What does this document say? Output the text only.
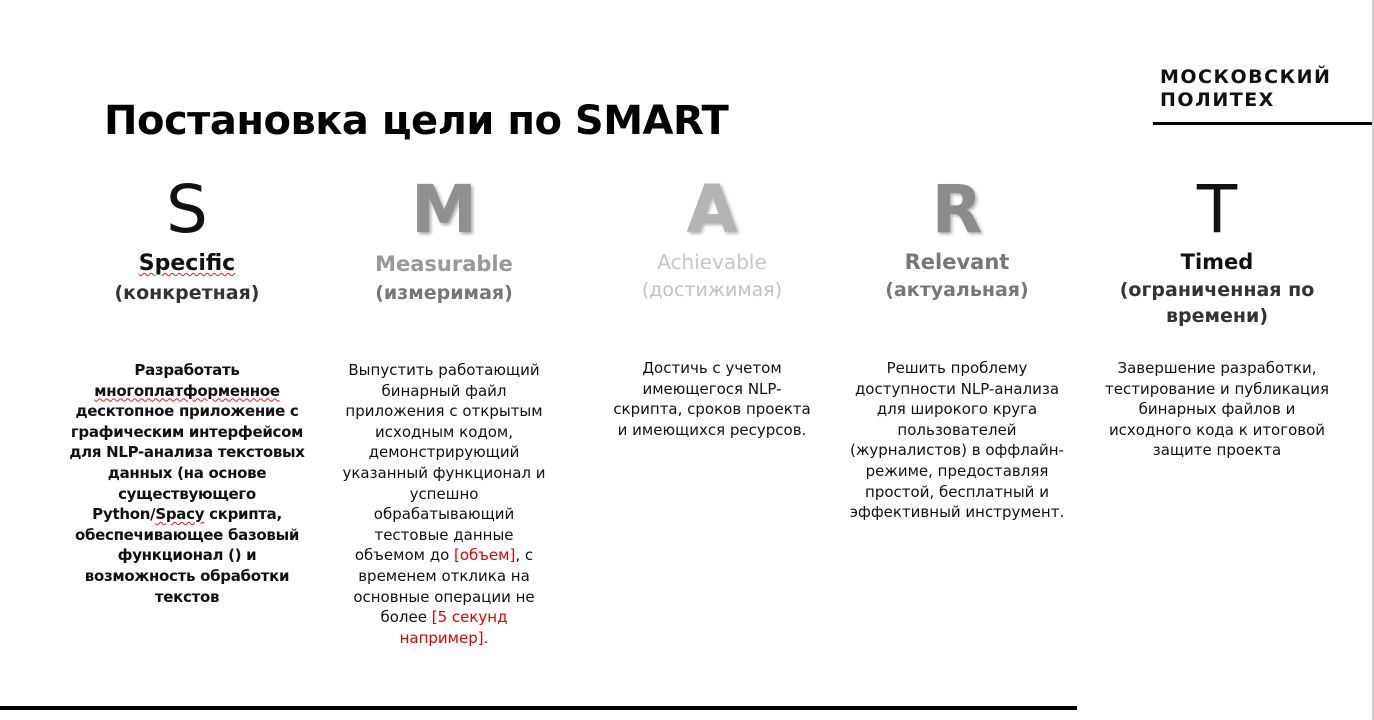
МОСКОВСКИЙ
ПОЛИТЕХ
Постановка цели по SMART
S
Specific
(конкретная)
Разработать многоплатформенное десктопное приложение с графическим интерфейсом для NLP-анализа текстовых данных (на основе существующего Python/Spacy скрипта, обеспечивающее базовый функционал () и возможность обработки текстов
M
Measurable
(измеримая)
Выпустить работающий бинарный файл приложения с открытым исходным кодом, демонстрирующий указанный функционал и успешно обрабатывающий тестовые данные объемом до [объем], с временем отклика на основные операции не более [5 секунд например].
A
Achievable
(достижимая)
Достичь с учетом имеющегося NLP-скрипта, сроков проекта и имеющихся ресурсов.
R
Relevant
(актуальная)
Решить проблему доступности NLP-анализа для широкого круга пользователей (журналистов) в оффлайн-режиме, предоставляя простой, бесплатный и эффективный инструмент.
T
Timed
(ограниченная по времени)
Завершение разработки, тестирование и публикация бинарных файлов и исходного кода к итоговой защите проекта
